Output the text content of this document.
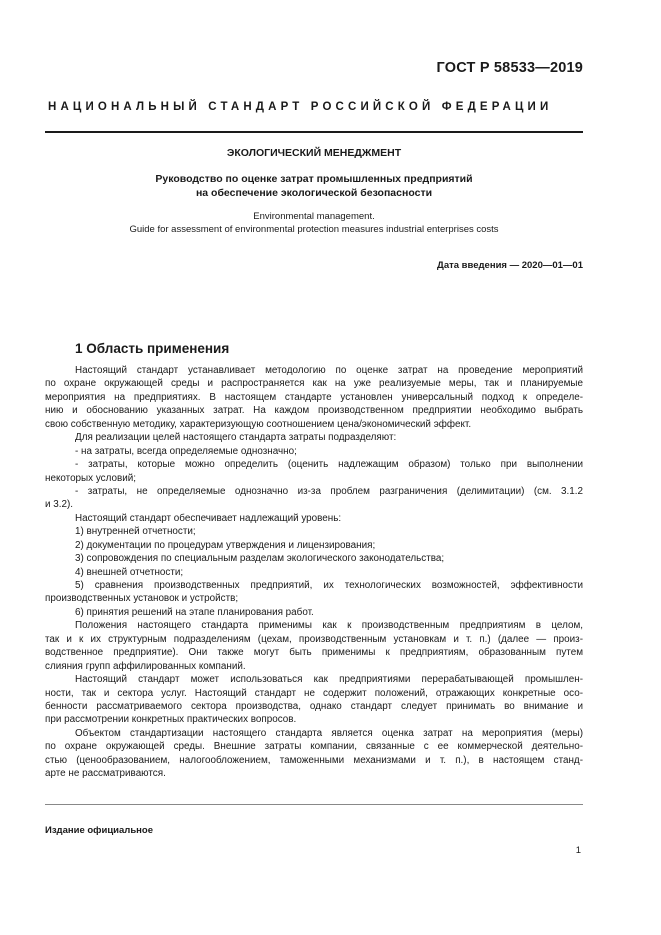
ГОСТ Р 58533—2019
НАЦИОНАЛЬНЫЙ СТАНДАРТ РОССИЙСКОЙ ФЕДЕРАЦИИ
ЭКОЛОГИЧЕСКИЙ МЕНЕДЖМЕНТ
Руководство по оценке затрат промышленных предприятий
на обеспечение экологической безопасности
Environmental management.
Guide for assessment of environmental protection measures industrial enterprises costs
Дата введения — 2020—01—01
1 Область применения
Настоящий стандарт устанавливает методологию по оценке затрат на проведение мероприятий
по охране окружающей среды и распространяется как на уже реализуемые меры, так и планируемые
мероприятия на предприятиях. В настоящем стандарте установлен универсальный подход к определе-
нию и обоснованию указанных затрат. На каждом производственном предприятии необходимо выбрать
свою собственную методику, характеризующую соотношением цена/экономический эффект.
Для реализации целей настоящего стандарта затраты подразделяют:
- на затраты, всегда определяемые однозначно;
- затраты, которые можно определить (оценить надлежащим образом) только при выполнении
некоторых условий;
- затраты, не определяемые однозначно из-за проблем разграничения (делимитации) (см. 3.1.2
и 3.2).
Настоящий стандарт обеспечивает надлежащий уровень:
1) внутренней отчетности;
2) документации по процедурам утверждения и лицензирования;
3) сопровождения по специальным разделам экологического законодательства;
4) внешней отчетности;
5) сравнения производственных предприятий, их технологических возможностей, эффективности
производственных установок и устройств;
6) принятия решений на этапе планирования работ.
Положения настоящего стандарта применимы как к производственным предприятиям в целом,
так и к их структурным подразделениям (цехам, производственным установкам и т. п.) (далее — произ-
водственное предприятие). Они также могут быть применимы к предприятиям, образованным путем
слияния групп аффилированных компаний.
Настоящий стандарт может использоваться как предприятиями перерабатывающей промышлен-
ности, так и сектора услуг. Настоящий стандарт не содержит положений, отражающих конкретные осо-
бенности рассматриваемого сектора производства, однако стандарт следует принимать во внимание и
при рассмотрении конкретных практических вопросов.
Объектом стандартизации настоящего стандарта является оценка затрат на мероприятия (меры)
по охране окружающей среды. Внешние затраты компании, связанные с ее коммерческой деятельно-
стью (ценообразованием, налогообложением, таможенными механизмами и т. п.), в настоящем станд-
арте не рассматриваются.
Издание официальное
1
